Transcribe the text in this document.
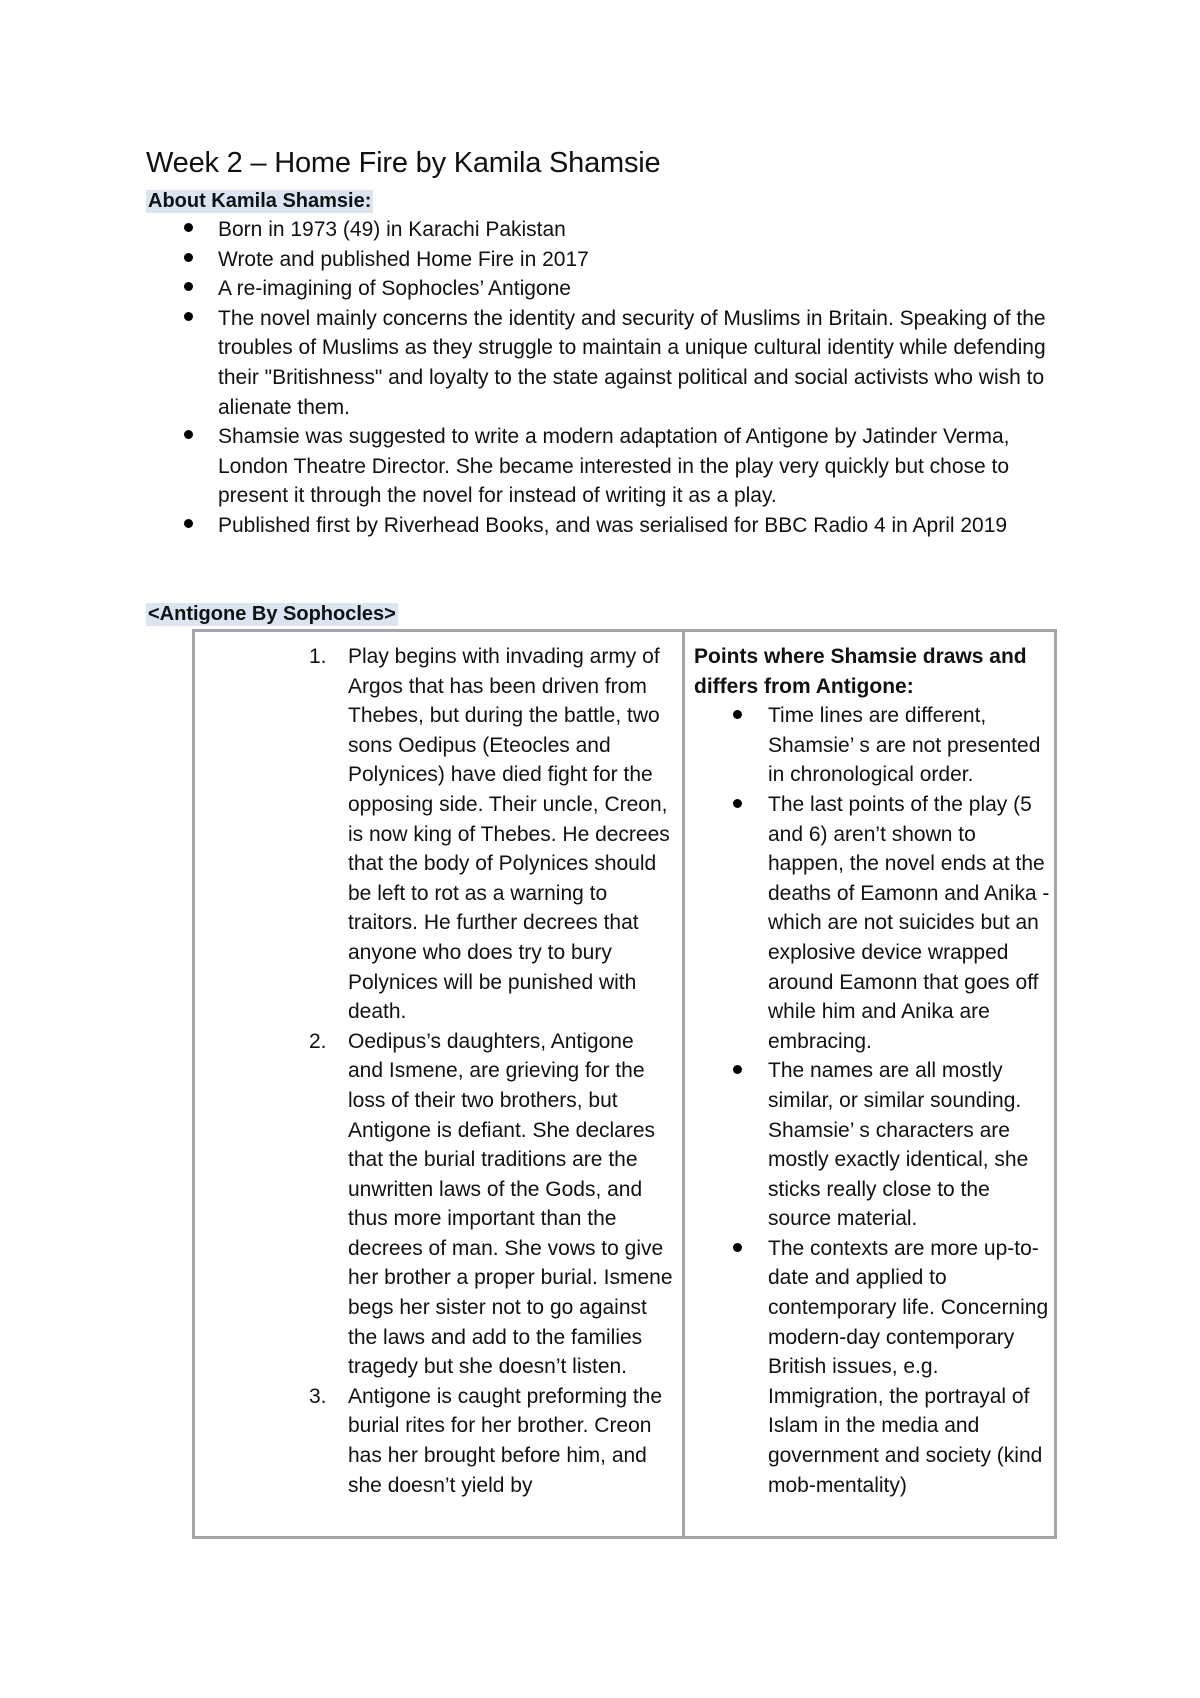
Week 2 – Home Fire by Kamila Shamsie
About Kamila Shamsie:
Born in 1973 (49) in Karachi Pakistan
Wrote and published Home Fire in 2017
A re-imagining of Sophocles’ Antigone
The novel mainly concerns the identity and security of Muslims in Britain. Speaking of the troubles of Muslims as they struggle to maintain a unique cultural identity while defending their "Britishness" and loyalty to the state against political and social activists who wish to alienate them.
Shamsie was suggested to write a modern adaptation of Antigone by Jatinder Verma, London Theatre Director. She became interested in the play very quickly but chose to present it through the novel for instead of writing it as a play.
Published first by Riverhead Books, and was serialised for BBC Radio 4 in April 2019
<Antigone By Sophocles>
1.	Play begins with invading army of Argos that has been driven from Thebes, but during the battle, two sons Oedipus (Eteocles and Polynices) have died fight for the opposing side. Their uncle, Creon, is now king of Thebes. He decrees that the body of Polynices should be left to rot as a warning to traitors. He further decrees that anyone who does try to bury Polynices will be punished with death.
2.	Oedipus’s daughters, Antigone and Ismene, are grieving for the loss of their two brothers, but Antigone is defiant. She declares that the burial traditions are the unwritten laws of the Gods, and thus more important than the decrees of man. She vows to give her brother a proper burial. Ismene begs her sister not to go against the laws and add to the families tragedy but she doesn’t listen.
3.	Antigone is caught preforming the burial rites for her brother. Creon has her brought before him, and she doesn’t yield by

Points where Shamsie draws and differs from Antigone:

Time lines are different, Shamsie’ s are not presented in chronological order.
The last points of the play (5 and 6) aren’t shown to happen, the novel ends at the deaths of Eamonn and Anika - which are not suicides but an explosive device wrapped around Eamonn that goes off while him and Anika are embracing.
The names are all mostly similar, or similar sounding. Shamsie’ s characters are mostly exactly identical, she sticks really close to the source material.
The contexts are more up-to-date and applied to contemporary life. Concerning modern-day contemporary British issues, e.g. Immigration, the portrayal of Islam in the media and government and society (kind mob-mentality)
